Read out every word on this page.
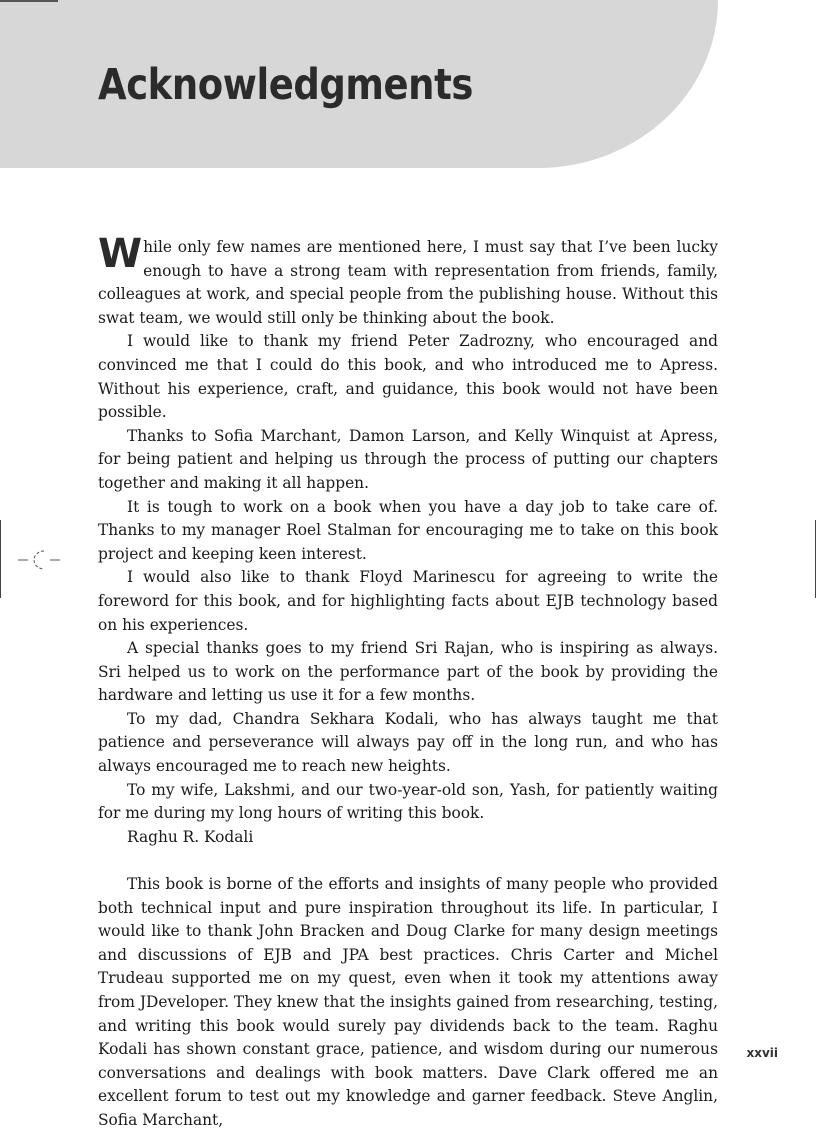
Acknowledgments

While only few names are mentioned here, I must say that I’ve been lucky enough to have a strong team with representation from friends, family, colleagues at work, and special people from the publishing house. Without this swat team, we would still only be thinking about the book.

I would like to thank my friend Peter Zadrozny, who encouraged and convinced me that I could do this book, and who introduced me to Apress. Without his experience, craft, and guidance, this book would not have been possible.

Thanks to Sofia Marchant, Damon Larson, and Kelly Winquist at Apress, for being patient and helping us through the process of putting our chapters together and making it all happen.

It is tough to work on a book when you have a day job to take care of. Thanks to my manager Roel Stalman for encouraging me to take on this book project and keeping keen interest.

I would also like to thank Floyd Marinescu for agreeing to write the foreword for this book, and for highlighting facts about EJB technology based on his experiences.

A special thanks goes to my friend Sri Rajan, who is inspiring as always. Sri helped us to work on the performance part of the book by providing the hardware and letting us use it for a few months.

To my dad, Chandra Sekhara Kodali, who has always taught me that patience and perseverance will always pay off in the long run, and who has always encouraged me to reach new heights.

To my wife, Lakshmi, and our two-year-old son, Yash, for patiently waiting for me during my long hours of writing this book.

Raghu R. Kodali

This book is borne of the efforts and insights of many people who provided both technical input and pure inspiration throughout its life. In particular, I would like to thank John Bracken and Doug Clarke for many design meetings and discussions of EJB and JPA best practices. Chris Carter and Michel Trudeau supported me on my quest, even when it took my attentions away from JDeveloper. They knew that the insights gained from researching, testing, and writing this book would surely pay dividends back to the team. Raghu Kodali has shown constant grace, patience, and wisdom during our numerous conversations and dealings with book matters. Dave Clark offered me an excellent forum to test out my knowledge and garner feedback. Steve Anglin, Sofia Marchant,

xxvii
